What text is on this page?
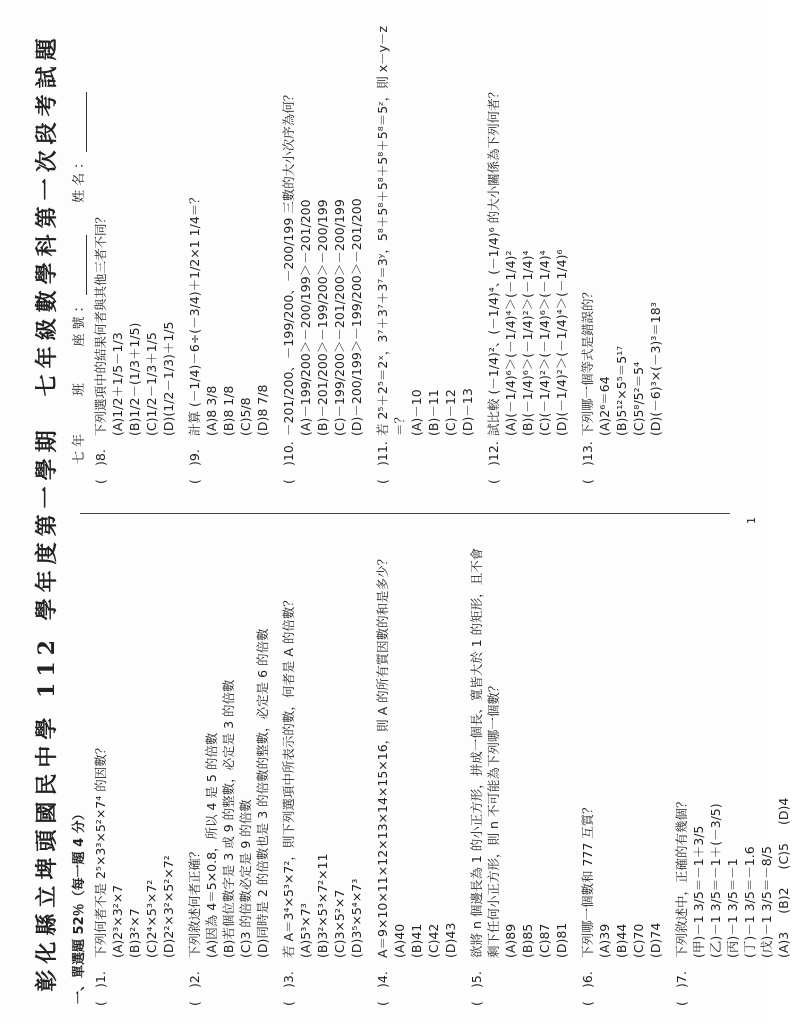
彰化縣立埤頭國民中學 112 學年度第一學期　七年級數學科第一次段考試題 一、單選題 52％（每一題 4 分）
七年　　班    座號：    姓名：
(
)1.
下列何者不是 2⁵×3³×5²×7⁴ 的因數？ (A)2³×3²×7 (B)3²×7 (C)2⁴×5³×7² (D)2²×3²×5²×7²
(
)2.
下列敘述何者正確？ (A)因為 4＝5×0.8，所以 4 是 5 的倍數 (B)若個位數字是 3 或 9 的整數，必定是 3 的倍數 (C)3 的倍數必定是 9 的倍數 (D)同時是 2 的倍數也是 3 的倍數的整數，必定是 6 的倍數
(
)3.
若 A＝3⁴×5³×7²，則下列選項中所表示的數，何者是 A 的倍數？ (A)5³×7³ (B)3²×5³×7²×11 (C)3×5²×7 (D)3⁵×5⁴×7³
(
)4.
A＝9×10×11×12×13×14×15×16，則 A 的所有質因數的和是多少？ (A)40 (B)41 (C)42 (D)43
(
)5.
欲將 n 個邊長為 1 的小正方形，拼成一個長、寬皆大於 1 的矩形，且不會剩下任何小正方形，則 n 不可能為下列哪一個數？ (A)89 (B)85 (C)87 (D)81
(
)6.
下列哪一個數和 777 互質？ (A)39 (B)44 (C)70 (D)74
(
)7.
下列敘述中，正確的有幾個？ (甲)－1 3/5＝－1＋3/5 (乙)－1 3/5＝－1＋(－3/5) (丙)－1 3/5＝－1 (丁)－1 3/5＝－1.6 (戊)－1 3/5＝－8/5 (A)3(B)2(C)5(D)4
(
)8.
下列選項中的結果何者與其他三者不同？ (A)1/2＋1/5－1/3 (B)1/2－(1/3＋1/5) (C)1/2－1/3＋1/5 (D)(1/2－1/3)＋1/5
(
)9.
計算 (－1/4)－6÷(－3/4)＋1/2×1 1/4＝？ (A)8 3/8 (B)8 1/8 (C)5/8 (D)8 7/8
(
)10.
－201/200、－199/200、－200/199 三數的大小次序為何？ (A)－199/200＞－200/199＞－201/200 (B)－201/200＞－199/200＞－200/199 (C)－199/200＞－201/200＞－200/199 (D)－200/199＞－199/200＞－201/200
(
)11.
若 2⁵＋2⁵＝2ˣ，3⁷＋3⁷＋3⁷＝3ʸ，5⁸＋5⁸＋5⁸＋5⁸＋5⁸＝5ᶻ，則 x－y－z＝？ (A)－10 (B)－11 (C)－12 (D)－13
(
)12.
試比較 (－1/4)²、(－1/4)⁴、(－1/4)⁶ 的大小關係為下列何者？ (A)(－1/4)⁶＞(－1/4)⁴＞(－1/4)² (B)(－1/4)⁶＞(－1/4)²＞(－1/4)⁴ (C)(－1/4)²＞(－1/4)⁶＞(－1/4)⁴ (D)(－1/4)²＞(－1/4)⁴＞(－1/4)⁶
(
)13.
下列哪一個等式是錯誤的？ (A)2⁶＝64 (B)5¹²×5⁵＝5¹⁷ (C)5⁸/5²＝5⁴ (D)(－6)³×(－3)³＝18³
1
